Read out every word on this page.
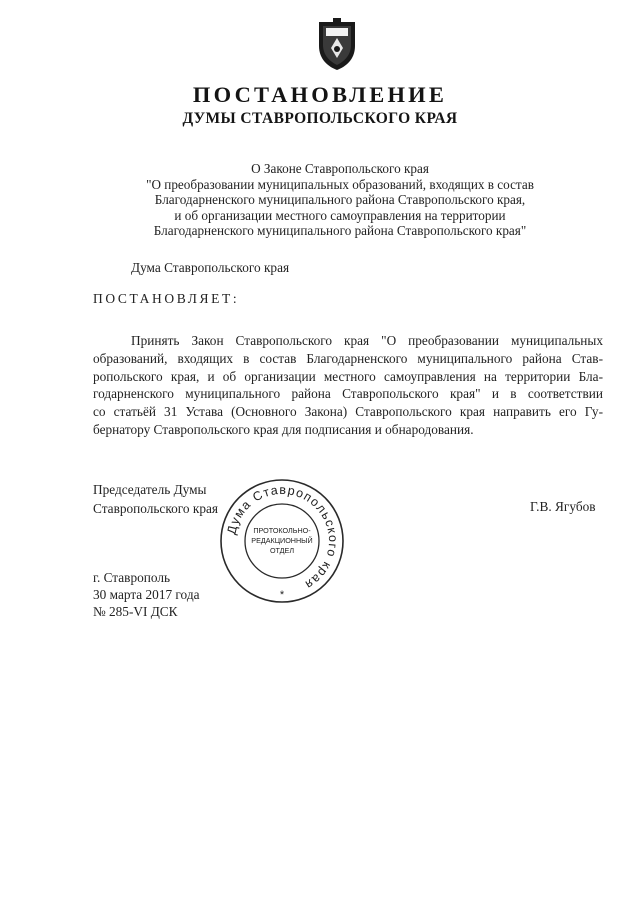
ПОСТАНОВЛЕНИЕ
ДУМЫ СТАВРОПОЛЬСКОГО КРАЯ
О Законе Ставропольского края
"О преобразовании муниципальных образований, входящих в состав
Благодарненского муниципального района Ставропольского края,
и об организации местного самоуправления на территории
Благодарненского муниципального района Ставропольского края"
Дума Ставропольского края
ПОСТАНОВЛЯЕТ:
Принять Закон Ставропольского края "О преобразовании муниципальных
образований, входящих в состав Благодарненского муниципального района Став-
ропольского края, и об организации местного самоуправления на территории Бла-
годарненского муниципального района Ставропольского края" и в соответствии
со статьёй 31 Устава (Основного Закона) Ставропольского края направить его Гу-
бернатору Ставропольского края для подписания и обнародования.
Председатель Думы
Ставропольского края	Г.В. Ягубов
Дума Ставропольского края
ПРОТОКОЛЬНО-
РЕДАКЦИОННЫЙ
ОТДЕЛ
*
г. Ставрополь
30 марта 2017 года
№ 285-VI ДСК
